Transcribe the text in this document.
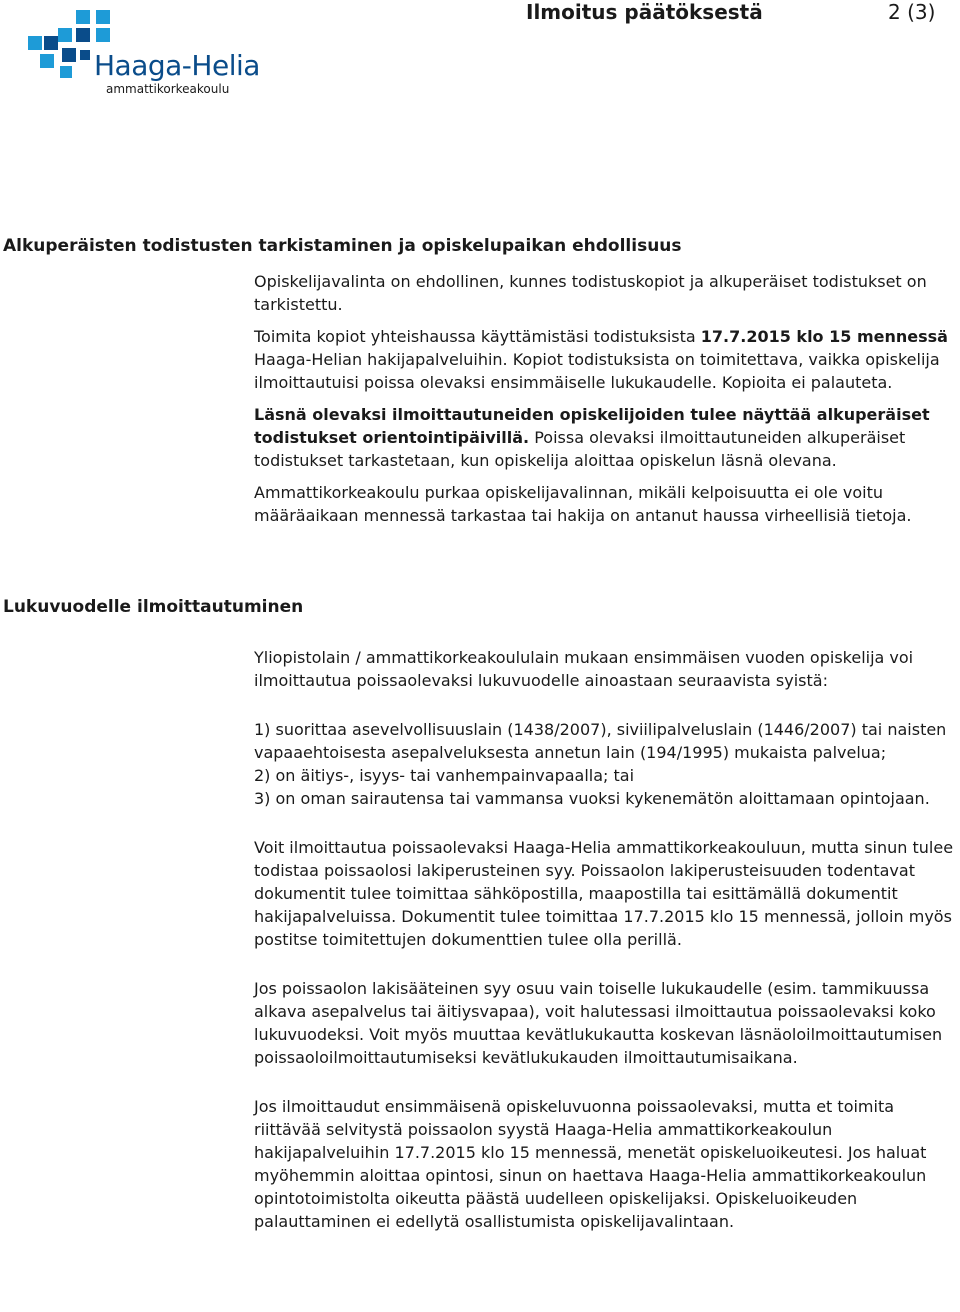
Haaga-Helia
ammattikorkeakoulu
Ilmoitus päätöksestä	2 (3)
Alkuperäisten todistusten tarkistaminen ja opiskelupaikan ehdollisuus

Opiskelijavalinta on ehdollinen, kunnes todistuskopiot ja alkuperäiset todistukset on tarkistettu.

Toimita kopiot yhteishaussa käyttämistäsi todistuksista 17.7.2015 klo 15 mennessä Haaga-Helian hakijapalveluihin. Kopiot todistuksista on toimitettava, vaikka opiskelija ilmoittautuisi poissa olevaksi ensimmäiselle lukukaudelle. Kopioita ei palauteta.

Läsnä olevaksi ilmoittautuneiden opiskelijoiden tulee näyttää alkuperäiset todistukset orientointipäivillä. Poissa olevaksi ilmoittautuneiden alkuperäiset todistukset tarkastetaan, kun opiskelija aloittaa opiskelun läsnä olevana.

Ammattikorkeakoulu purkaa opiskelijavalinnan, mikäli kelpoisuutta ei ole voitu määräaikaan mennessä tarkastaa tai hakija on antanut haussa virheellisiä tietoja.

Lukuvuodelle ilmoittautuminen

Yliopistolain / ammattikorkeakoululain mukaan ensimmäisen vuoden opiskelija voi ilmoittautua poissaolevaksi lukuvuodelle ainoastaan seuraavista syistä:

1) suorittaa asevelvollisuuslain (1438/2007), siviilipalveluslain (1446/2007) tai naisten vapaaehtoisesta asepalveluksesta annetun lain (194/1995) mukaista palvelua;
2) on äitiys-, isyys- tai vanhempainvapaalla; tai
3) on oman sairautensa tai vammansa vuoksi kykenemätön aloittamaan opintojaan.

Voit ilmoittautua poissaolevaksi Haaga-Helia ammattikorkeakouluun, mutta sinun tulee todistaa poissaolosi lakiperusteinen syy. Poissaolon lakiperusteisuuden todentavat dokumentit tulee toimittaa sähköpostilla, maapostilla tai esittämällä dokumentit hakijapalveluissa. Dokumentit tulee toimittaa 17.7.2015 klo 15 mennessä, jolloin myös postitse toimitettujen dokumenttien tulee olla perillä.

Jos poissaolon lakisääteinen syy osuu vain toiselle lukukaudelle (esim. tammikuussa alkava asepalvelus tai äitiysvapaa), voit halutessasi ilmoittautua poissaolevaksi koko lukuvuodeksi. Voit myös muuttaa kevätlukukautta koskevan läsnäoloilmoittautumisen poissaoloilmoittautumiseksi kevätlukukauden ilmoittautumisaikana.

Jos ilmoittaudut ensimmäisenä opiskeluvuonna poissaolevaksi, mutta et toimita riittävää selvitystä poissaolon syystä Haaga-Helia ammattikorkeakoulun hakijapalveluihin 17.7.2015 klo 15 mennessä, menetät opiskeluoikeutesi. Jos haluat myöhemmin aloittaa opintosi, sinun on haettava Haaga-Helia ammattikorkeakoulun opintotoimistolta oikeutta päästä uudelleen opiskelijaksi. Opiskeluoikeuden palauttaminen ei edellytä osallistumista opiskelijavalintaan.
